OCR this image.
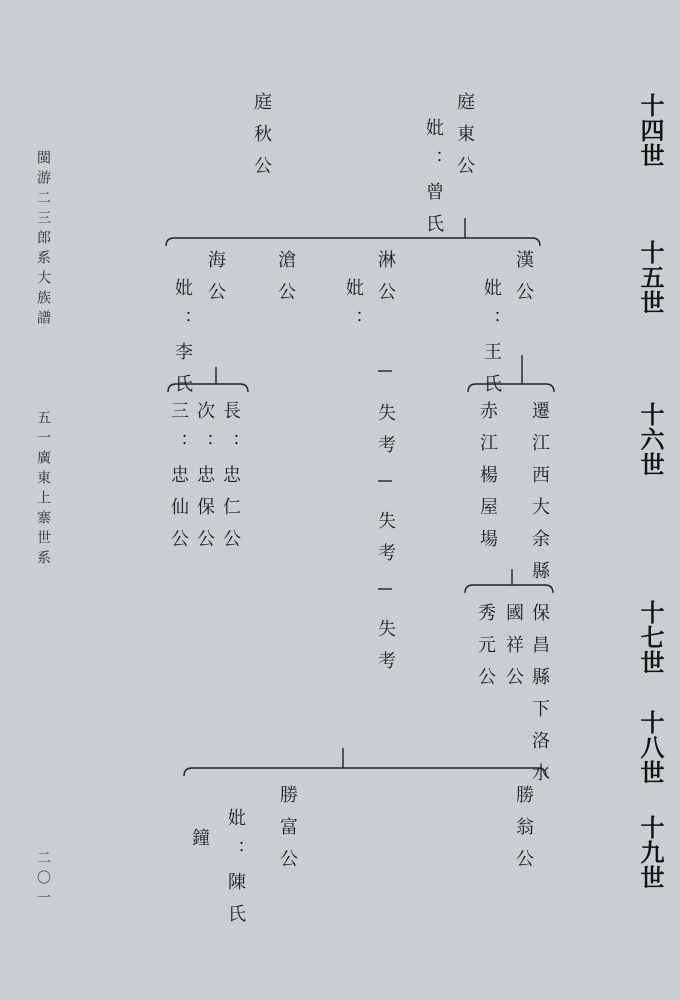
閩游二三郎系大族譜
五一廣東上寨世系
二〇一
十四世
十五世
十六世
十七世
十八世
十九世
庭東公
妣：曾氏
庭秋公
漢公
妣：王氏
淋公
妣：
滄公
海公
妣：李氏
失考
失考
失考
遷江西大余縣
赤江楊屋場
長：忠仁公
次：忠保公
三：忠仙公
保昌縣下洛水
國祥公
秀元公
勝翁公
勝富公
妣：陳氏
鐘
